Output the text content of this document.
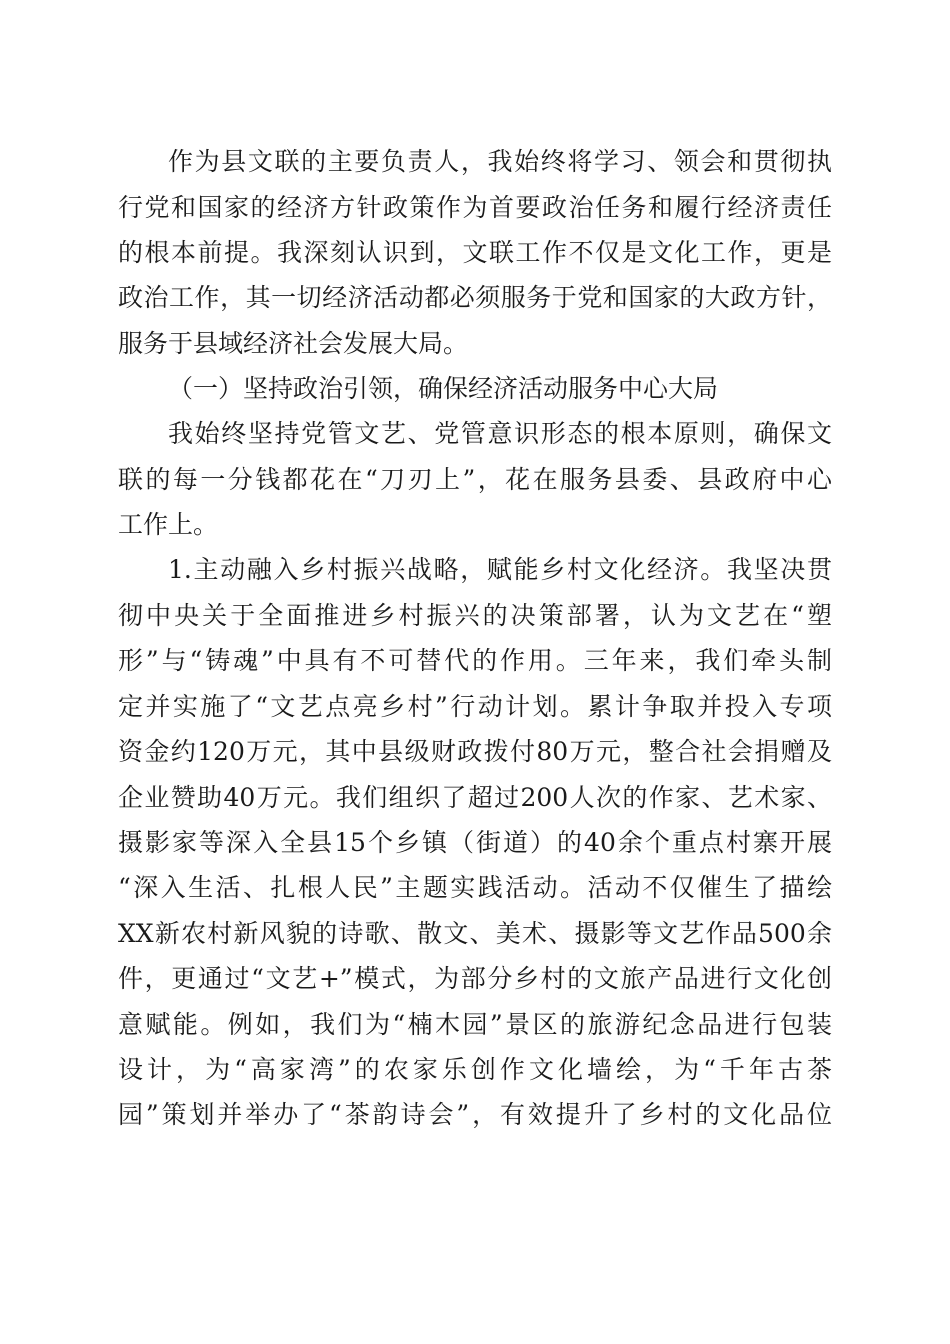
作为县文联的主要负责人，我始终将学习、领会和贯彻执
行党和国家的经济方针政策作为首要政治任务和履行经济责任
的根本前提。我深刻认识到，文联工作不仅是文化工作，更是
政治工作，其一切经济活动都必须服务于党和国家的大政方针，
服务于县域经济社会发展大局。
（一）坚持政治引领，确保经济活动服务中心大局
我始终坚持党管文艺、党管意识形态的根本原则，确保文
联的每一分钱都花在“刀刃上”，花在服务县委、县政府中心
工作上。
1.主动融入乡村振兴战略，赋能乡村文化经济。我坚决贯
彻中央关于全面推进乡村振兴的决策部署，认为文艺在“塑
形”与“铸魂”中具有不可替代的作用。三年来，我们牵头制
定并实施了“文艺点亮乡村”行动计划。累计争取并投入专项
资金约120万元，其中县级财政拨付80万元，整合社会捐赠及
企业赞助40万元。我们组织了超过200人次的作家、艺术家、
摄影家等深入全县15个乡镇（街道）的40余个重点村寨开展
“深入生活、扎根人民”主题实践活动。活动不仅催生了描绘
XX新农村新风貌的诗歌、散文、美术、摄影等文艺作品500余
件，更通过“文艺+”模式，为部分乡村的文旅产品进行文化创
意赋能。例如，我们为“楠木园”景区的旅游纪念品进行包装
设计，为“高家湾”的农家乐创作文化墙绘，为“千年古茶
园”策划并举办了“茶韵诗会”，有效提升了乡村的文化品位
